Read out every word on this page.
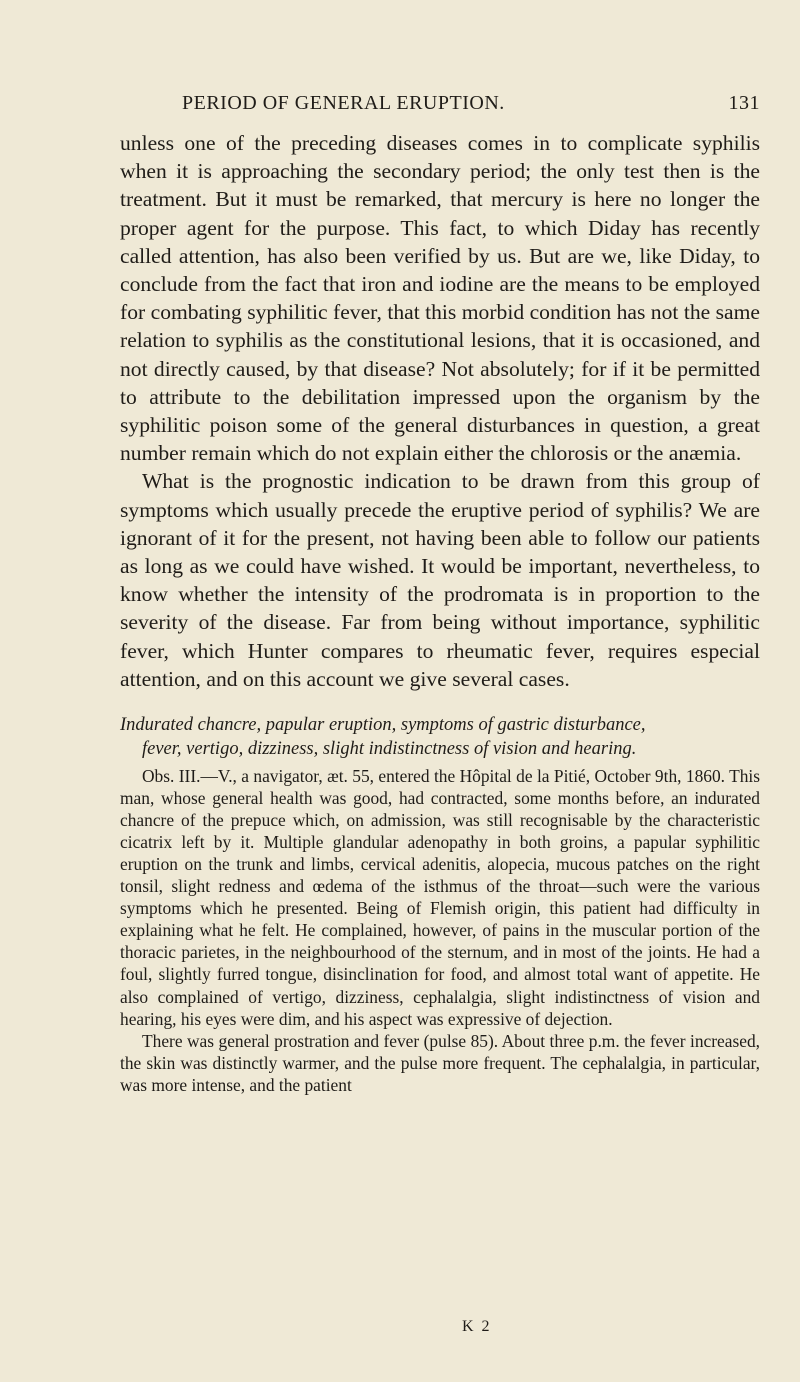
PERIOD OF GENERAL ERUPTION.	131

unless one of the preceding diseases comes in to complicate syphilis when it is approaching the secondary period; the only test then is the treatment. But it must be remarked, that mercury is here no longer the proper agent for the purpose. This fact, to which Diday has recently called attention, has also been verified by us. But are we, like Diday, to conclude from the fact that iron and iodine are the means to be employed for combating syphilitic fever, that this morbid condition has not the same relation to syphilis as the constitutional lesions, that it is occasioned, and not directly caused, by that disease? Not absolutely; for if it be permitted to attribute to the debilitation impressed upon the organism by the syphilitic poison some of the general disturbances in question, a great number remain which do not explain either the chlorosis or the anæmia.

What is the prognostic indication to be drawn from this group of symptoms which usually precede the eruptive period of syphilis? We are ignorant of it for the present, not having been able to follow our patients as long as we could have wished. It would be important, nevertheless, to know whether the intensity of the prodromata is in proportion to the severity of the disease. Far from being without importance, syphilitic fever, which Hunter compares to rheumatic fever, requires especial attention, and on this account we give several cases.

Indurated chancre, papular eruption, symptoms of gastric disturbance,
fever, vertigo, dizziness, slight indistinctness of vision and hearing.

Obs. III.—V., a navigator, æt. 55, entered the Hôpital de la Pitié, October 9th, 1860. This man, whose general health was good, had contracted, some months before, an indurated chancre of the prepuce which, on admission, was still recognisable by the characteristic cicatrix left by it. Multiple glandular adenopathy in both groins, a papular syphilitic eruption on the trunk and limbs, cervical adenitis, alopecia, mucous patches on the right tonsil, slight redness and œdema of the isthmus of the throat—such were the various symptoms which he presented. Being of Flemish origin, this patient had difficulty in explaining what he felt. He complained, however, of pains in the muscular portion of the thoracic parietes, in the neighbourhood of the sternum, and in most of the joints. He had a foul, slightly furred tongue, disinclination for food, and almost total want of appetite. He also complained of vertigo, dizziness, cephalalgia, slight indistinctness of vision and hearing, his eyes were dim, and his aspect was expressive of dejection.

There was general prostration and fever (pulse 85). About three p.m. the fever increased, the skin was distinctly warmer, and the pulse more frequent. The cephalalgia, in particular, was more intense, and the patient

K 2
